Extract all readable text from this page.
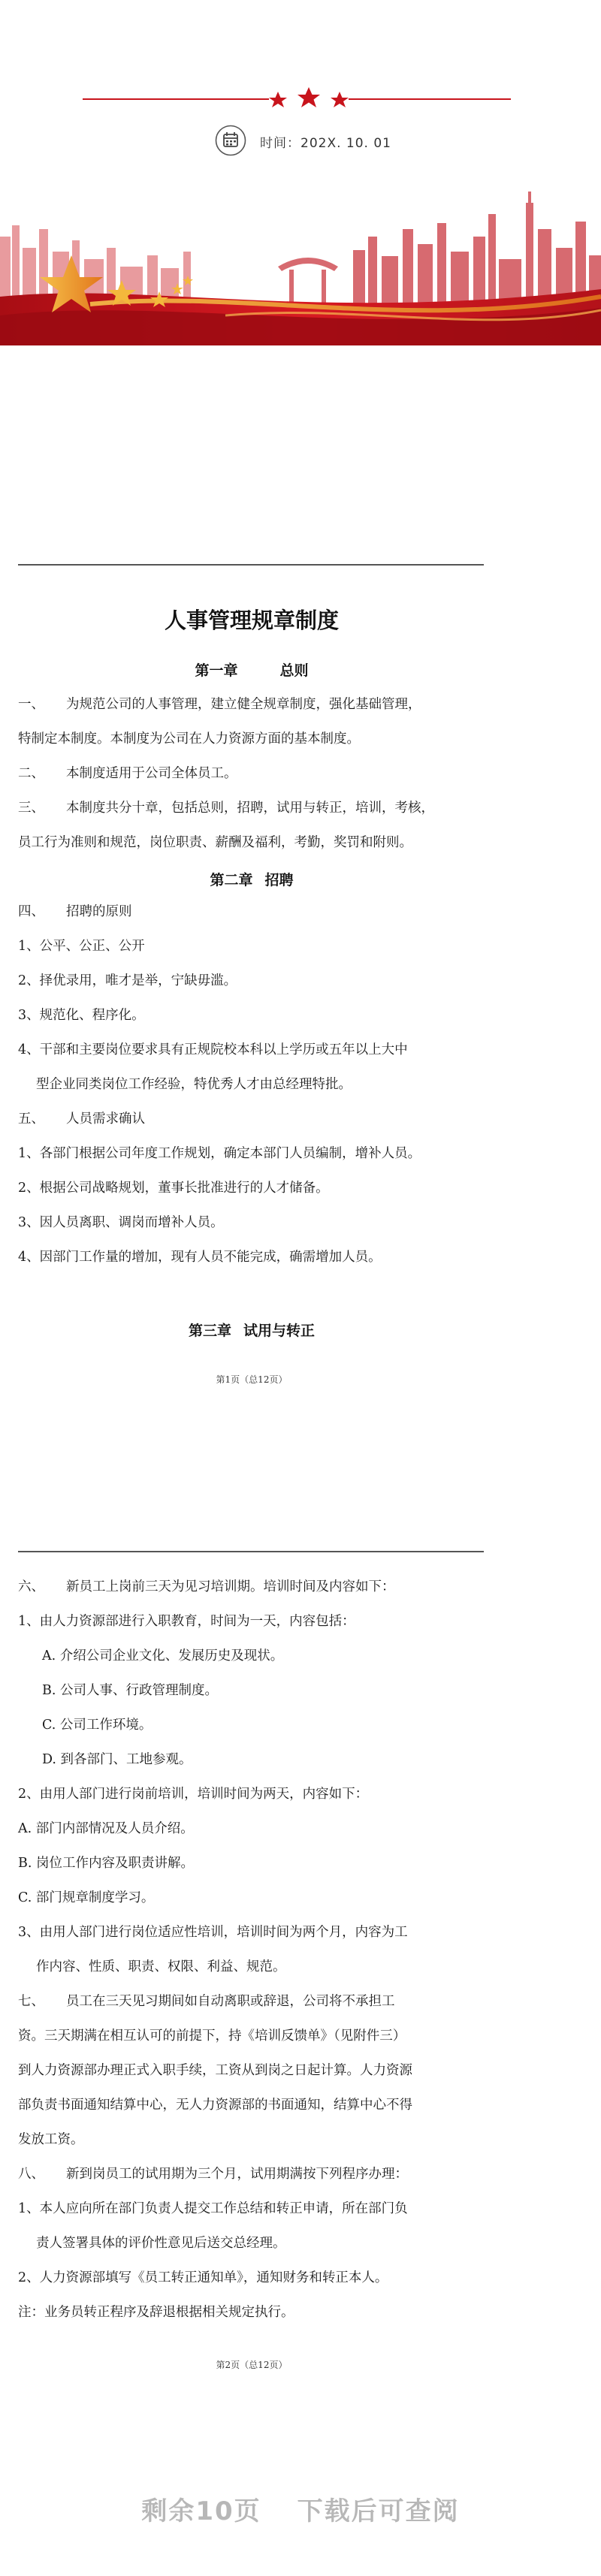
时间：202X. 10. 01
人事管理规章制度
第一章	总则
一、 为规范公司的人事管理，建立健全规章制度，强化基础管理，
特制定本制度。本制度为公司在人力资源方面的基本制度。
二、 本制度适用于公司全体员工。
三、 本制度共分十章，包括总则，招聘，试用与转正，培训，考核，
员工行为准则和规范，岗位职责、薪酬及福利，考勤，奖罚和附则。
第二章 招聘
四、 招聘的原则
1、公平、公正、公开
2、择优录用，唯才是举，宁缺毋滥。
3、规范化、程序化。
4、干部和主要岗位要求具有正规院校本科以上学历或五年以上大中
型企业同类岗位工作经验，特优秀人才由总经理特批。
五、 人员需求确认
1、各部门根据公司年度工作规划，确定本部门人员编制，增补人员。
2、根据公司战略规划，董事长批准进行的人才储备。
3、因人员离职、调岗而增补人员。
4、因部门工作量的增加，现有人员不能完成，确需增加人员。
第三章 试用与转正
第1页（总12页）
六、 新员工上岗前三天为见习培训期。培训时间及内容如下：
1、由人力资源部进行入职教育，时间为一天，内容包括：
A. 介绍公司企业文化、发展历史及现状。
B. 公司人事、行政管理制度。
C. 公司工作环境。
D. 到各部门、工地参观。
2、由用人部门进行岗前培训，培训时间为两天，内容如下：
A. 部门内部情况及人员介绍。
B. 岗位工作内容及职责讲解。
C. 部门规章制度学习。
3、由用人部门进行岗位适应性培训，培训时间为两个月，内容为工
作内容、性质、职责、权限、利益、规范。
七、 员工在三天见习期间如自动离职或辞退，公司将不承担工
资。三天期满在相互认可的前提下，持《培训反馈单》（见附件三）
到人力资源部办理正式入职手续，工资从到岗之日起计算。人力资源
部负责书面通知结算中心，无人力资源部的书面通知，结算中心不得
发放工资。
八、 新到岗员工的试用期为三个月，试用期满按下列程序办理：
1、本人应向所在部门负责人提交工作总结和转正申请，所在部门负
责人签署具体的评价性意见后送交总经理。
2、人力资源部填写《员工转正通知单》，通知财务和转正本人。
注：业务员转正程序及辞退根据相关规定执行。
第2页（总12页）
剩余10页 下载后可查阅
